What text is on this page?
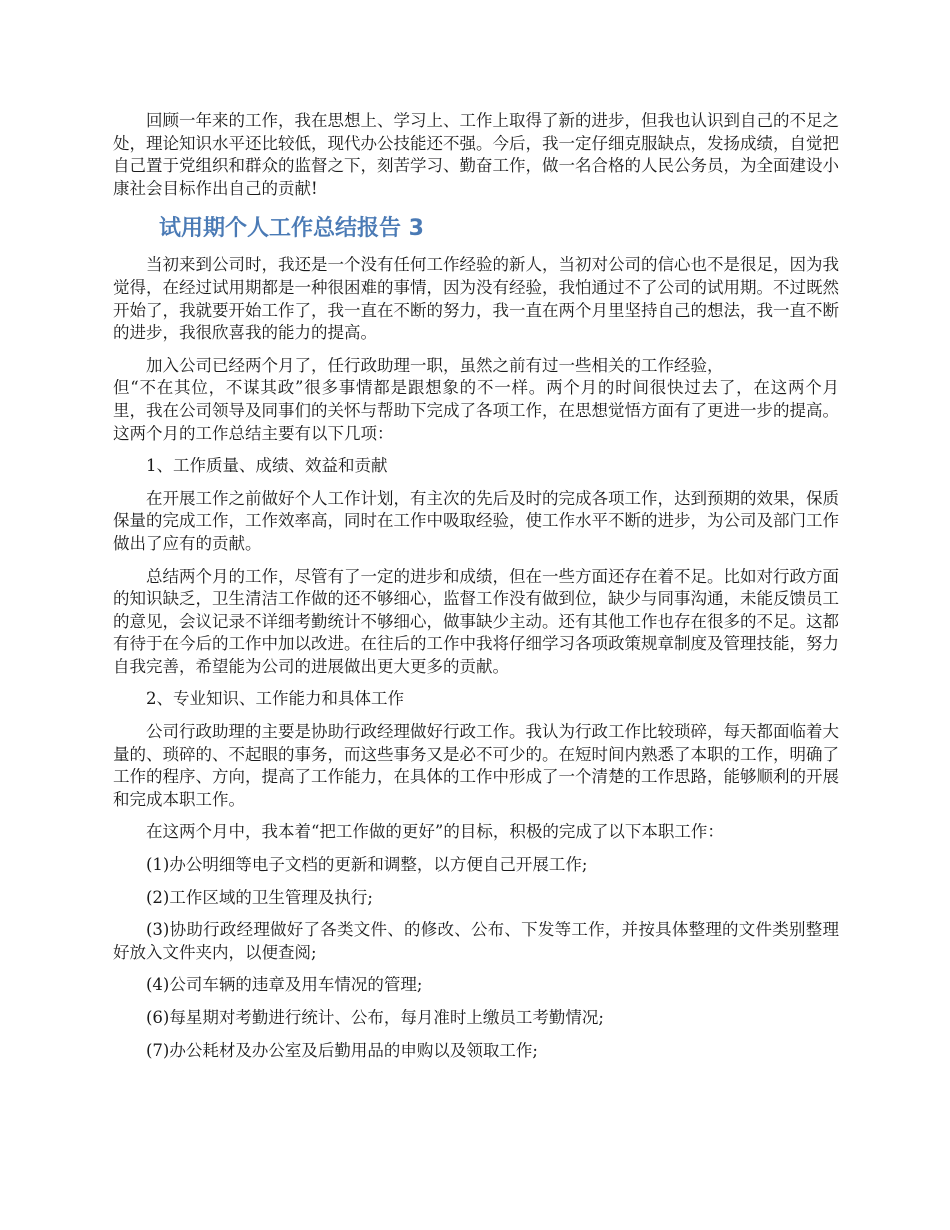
回顾一年来的工作，我在思想上、学习上、工作上取得了新的进步，但我也认识到自己的不足之处，理论知识水平还比较低，现代办公技能还不强。今后，我一定仔细克服缺点，发扬成绩，自觉把自己置于党组织和群众的监督之下，刻苦学习、勤奋工作，做一名合格的人民公务员，为全面建设小康社会目标作出自己的贡献!

试用期个人工作总结报告 3

当初来到公司时，我还是一个没有任何工作经验的新人，当初对公司的信心也不是很足，因为我觉得，在经过试用期都是一种很困难的事情，因为没有经验，我怕通过不了公司的试用期。不过既然开始了，我就要开始工作了，我一直在不断的努力，我一直在两个月里坚持自己的想法，我一直不断的进步，我很欣喜我的能力的提高。

加入公司已经两个月了，任行政助理一职，虽然之前有过一些相关的工作经验，

但“不在其位，不谋其政”很多事情都是跟想象的不一样。两个月的时间很快过去了，在这两个月里，我在公司领导及同事们的关怀与帮助下完成了各项工作，在思想觉悟方面有了更进一步的提高。这两个月的工作总结主要有以下几项：

1、工作质量、成绩、效益和贡献

在开展工作之前做好个人工作计划，有主次的先后及时的完成各项工作，达到预期的效果，保质保量的完成工作，工作效率高，同时在工作中吸取经验，使工作水平不断的进步，为公司及部门工作做出了应有的贡献。

总结两个月的工作，尽管有了一定的进步和成绩，但在一些方面还存在着不足。比如对行政方面的知识缺乏，卫生清洁工作做的还不够细心，监督工作没有做到位，缺少与同事沟通，未能反馈员工的意见，会议记录不详细考勤统计不够细心，做事缺少主动。还有其他工作也存在很多的不足。这都有待于在今后的工作中加以改进。在往后的工作中我将仔细学习各项政策规章制度及管理技能，努力自我完善，希望能为公司的进展做出更大更多的贡献。

2、专业知识、工作能力和具体工作

公司行政助理的主要是协助行政经理做好行政工作。我认为行政工作比较琐碎，每天都面临着大量的、琐碎的、不起眼的事务，而这些事务又是必不可少的。在短时间内熟悉了本职的工作，明确了工作的程序、方向，提高了工作能力，在具体的工作中形成了一个清楚的工作思路，能够顺利的开展和完成本职工作。

在这两个月中，我本着“把工作做的更好”的目标，积极的完成了以下本职工作：

(1)办公明细等电子文档的更新和调整，以方便自己开展工作;

(2)工作区域的卫生管理及执行;

(3)协助行政经理做好了各类文件、的修改、公布、下发等工作，并按具体整理的文件类别整理好放入文件夹内，以便查阅;

(4)公司车辆的违章及用车情况的管理;

(6)每星期对考勤进行统计、公布，每月准时上缴员工考勤情况;

(7)办公耗材及办公室及后勤用品的申购以及领取工作;
